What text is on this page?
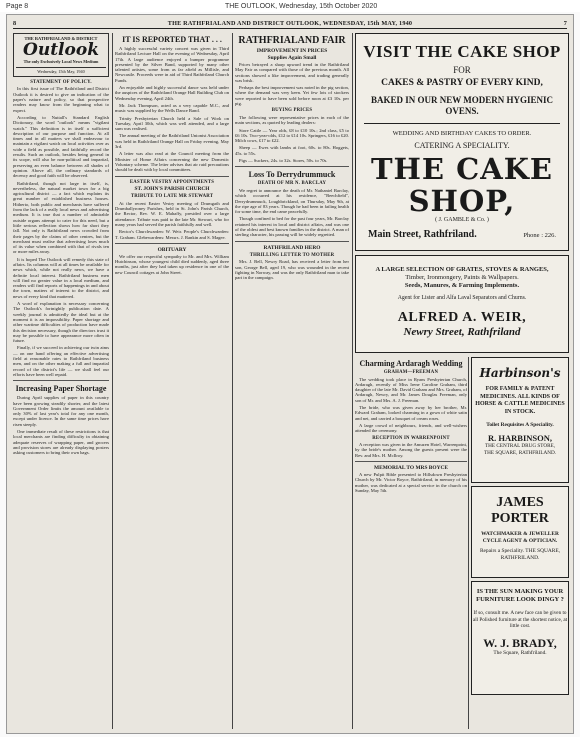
Page 8	THE OUTLOOK, Wednesday, 15th October 2020
8	THE RATHFRIALAND AND DISTRICT OUTLOOK, WEDNESDAY, 15th MAY, 1940	7
THE RATHFRIALAND & DISTRICT
Outlook
The only Exclusively Local News Medium
Wednesday, 15th May, 1940
STATEMENT OF POLICY.

In this first issue of The Rathfriland and District Outlook it is desired to give an indication of the paper's nature and policy, so that prospective readers may know from the beginning what to expect.

According to Nuttall's Standard English Dictionary, the word "outlook" means "vigilant watch." This definition is in itself a sufficient description of our purpose and function. At all times and in all matters we shall endeavour to maintain a vigilant watch on local activities over as wide a field as possible, and faithfully record the results. Such an outlook, besides being general in its scope, will also be non-political and impartial, preserving an even balance between all shades of opinion. Above all, the ordinary standards of decency and good faith will be observed.

Rathfriland, though not large in itself, is, nevertheless, the natural market town for a big agricultural district — a fact which explains its great number of established business houses. Hitherto, both public and merchants have suffered from the lack of a really local news and advertising medium. It is true that a number of admirable outside organs attempt to cater for this need, but a little serious reflection shows how far short they fall. Not only is Rathfriland news crowded from their pages by the claims of other centres, but the merchant must realise that advertising loses much of its value when combined with that of rivals ten or more miles away.

It is hoped The Outlook will remedy this state of affairs. Its columns will at all times be available for news which, while not really news, we have a definite local interest. Rathfriland business men will find no greater value in a local medium, and readers will find reports of happenings in and about the town, matters of interest to the district, and news of every kind that mattered.

A word of explanation is necessary concerning The Outlook's fortnightly publication date. A weekly journal is admittedly the ideal but at the moment it is an impossibility. Paper shortage and other wartime difficulties of production have made this decision necessary, though the directors trust it may be possible to have appearance more often in future.

Finally, if we succeed in achieving our twin aims — on one hand offering an effective advertising field at reasonable rates to Rathfriland business men, and on the other making a full and impartial record of the district's life — we shall feel our efforts have been well repaid.

Increasing Paper Shortage

During April supplies of paper in this country have been growing steadily shorter, and the latest Government Order limits the amount available to only 30% of last year's total for any one month, except under licence. In the same time prices have risen steeply.

One immediate result of these restrictions is that local merchants are finding difficulty in obtaining adequate reserves of wrapping paper, and grocers and provision stores are already displaying posters asking customers to bring their own bags.

IT IS REPORTED THAT . . .

A highly successful variety concert was given in Third Rathfriland Lecture Hall on the evening of Wednesday, April 17th. A large audience enjoyed a bumper programme presented by the Silver Band, supported by many other talented artistes, some from as far afield as Millisle, and Newcastle. Proceeds were in aid of Third Rathfriland Church Funds.

An enjoyable and highly successful dance was held under the auspices of the Rathfriland Orange Hall Building Club on Wednesday evening, April 24th.

Mr. Jack Thompson, acted as a very capable M.C., and music was supplied by the Wells Dance Band.

Trinity Presbyterian Church held a Sale of Work on Tuesday, April 30th, which was well attended, and a large sum was realised.

The annual meeting of the Rathfriland Unionist Association was held in Rathfriland Orange Hall on Friday evening, May 3rd.

A letter was also read at the Council meeting from the Minister of Home Affairs concerning the new Domestic Voluntary scheme. The letter advises that air raid precautions should be dealt with by local committees.

EASTER VESTRY APPOINTMENTS
ST. JOHN'S PARISH CHURCH
TRIBUTE TO LATE MR STEWART

At the recent Easter Vestry meeting of Drumgath and Drumballyroney Parishes, held in St. John's Parish Church, the Rector, Rev. W. E. Mahaffy, presided over a large attendance. Tribute was paid to the late Mr. Stewart, who for many years had served the parish faithfully and well.

Rector's Churchwarden: W. Weir. People's Churchwarden: T. Graham. Glebewardens: Messrs. J. Rankin and S. Magee.

OBITUARY

We offer our respectful sympathy to Mr. and Mrs. William Hutchinson, whose youngest child died suddenly, aged three months, just after they had taken up residence in one of the new Council cottages at John Street.

RATHFRIALAND FAIR
IMPROVEMENT IN PRICES
Supplies Again Small

Prices betrayed a sharp upward trend in the Rathfriland May Fair as compared with those of the previous month. All sections showed a like improvement, and trading generally was brisk.

Perhaps the best improvement was noted in the pig section, where the demand was very keen. Yet few lots of stockers were reported to have been sold before noon at £3 10s. per pig.

BUYING PRICES

The following were representative prices in each of the main sections, as quoted by leading dealers:

Store Cattle — Year olds, £8 to £10 10s.; 2nd class, £5 to £6 10s. Two-year-olds, £12 to £14 10s. Springers, £16 to £20. Milch cows, £17 to £22.

Sheep — Ewes with lambs at foot, 60s. to 80s. Hoggets, 45s. to 55s.

Pigs — Suckers, 24s. to 32s. Stores, 50s. to 70s.

Loss To Derrydrummuck
DEATH OF MR N. BARCLAY

We regret to announce the death of Mr. Nathaniel Barclay, which occurred at his residence, "Beechfield", Derrydrummuck, Loughbrickland, on Thursday, May 9th, at the ripe age of 83 years. Though he had been in failing health for some time, the end came peacefully.

Though confined to bed for the past four years, Mr. Barclay retained his interest in local and district affairs, and was one of the oldest and best known families in the district. A man of sterling character, his passing will be widely regretted.

RATHFRILAND HERO
THRILLING LETTER TO MOTHER

Mrs. J. Bell, Newry Road, has received a letter from her son, George Bell, aged 19, who was wounded in the recent fighting in Norway, and was the only Rathfriland man to take part in the campaign.

VISIT THE CAKE SHOP
FOR
CAKES & PASTRY OF EVERY KIND,
BAKED IN OUR NEW MODERN HYGIENIC OVENS.
WEDDING AND BIRTHDAY CAKES TO ORDER.
CATERING A SPECIALITY.
THE CAKE SHOP,
( J. GAMBLE & Co. )
Main Street, Rathfriland.	Phone : 226.
A LARGE SELECTION OF GRATES, STOVES & RANGES,
Timber, Ironmongery, Paints & Wallpapers.
Seeds, Manures, & Farming Implements.
Agent for Lister and Alfa Laval Separators and Churns.
ALFRED A. WEIR,
Newry Street, Rathfriland
Charming Ardaragh Wedding
GRAHAM—FREEMAN

The wedding took place in Ryans Presbyterian Church, Ardaragh, recently of Miss Irene Caroline Graham, third daughter of the late Mr. David Graham and Mrs. Graham, of Ardaragh, Newry, and Mr. James Douglas Freeman, only son of Mr. and Mrs. A. J. Freeman.

The bride, who was given away by her brother, Mr. Edward Graham, looked charming in a gown of white satin and net, and carried a bouquet of cream roses.

A large crowd of neighbours, friends, and well-wishers attended the ceremony.

RECEPTION IN WARRENPOINT

A reception was given in the Amuzen Hotel, Warrenpoint, by the bride's mother. Among the guests present were the Rev. and Mrs. H. McIlroy.

MEMORIAL TO MRS BOYCE

A new Pulpit Bible presented to Hillsdown Presbyterian Church by Mr. Victor Boyce, Rathfriland, in memory of his mother, was dedicated at a special service in the church on Sunday, May 5th.

Harbinson's
FOR FAMILY & PATENT MEDICINES. ALL KINDS OF HORSE & CATTLE MEDICINES IN STOCK.
Toilet Requisites A Speciality.
R. HARBINSON,
THE CENTRAL DRUG STORE,
THE SQUARE, RATHFRILAND.
JAMES PORTER
WATCHMAKER & JEWELLER CYCLE AGENT & OPTICIAN.
Repairs a Speciality. THE SQUARE, RATHFRILAND.
IS THE SUN MAKING YOUR FURNITURE LOOK DINGY ?
If so, consult me. A new face can be given to all Polished furniture at the shortest notice, at little cost.
W. J. BRADY,
The Square, Rathfriland.
